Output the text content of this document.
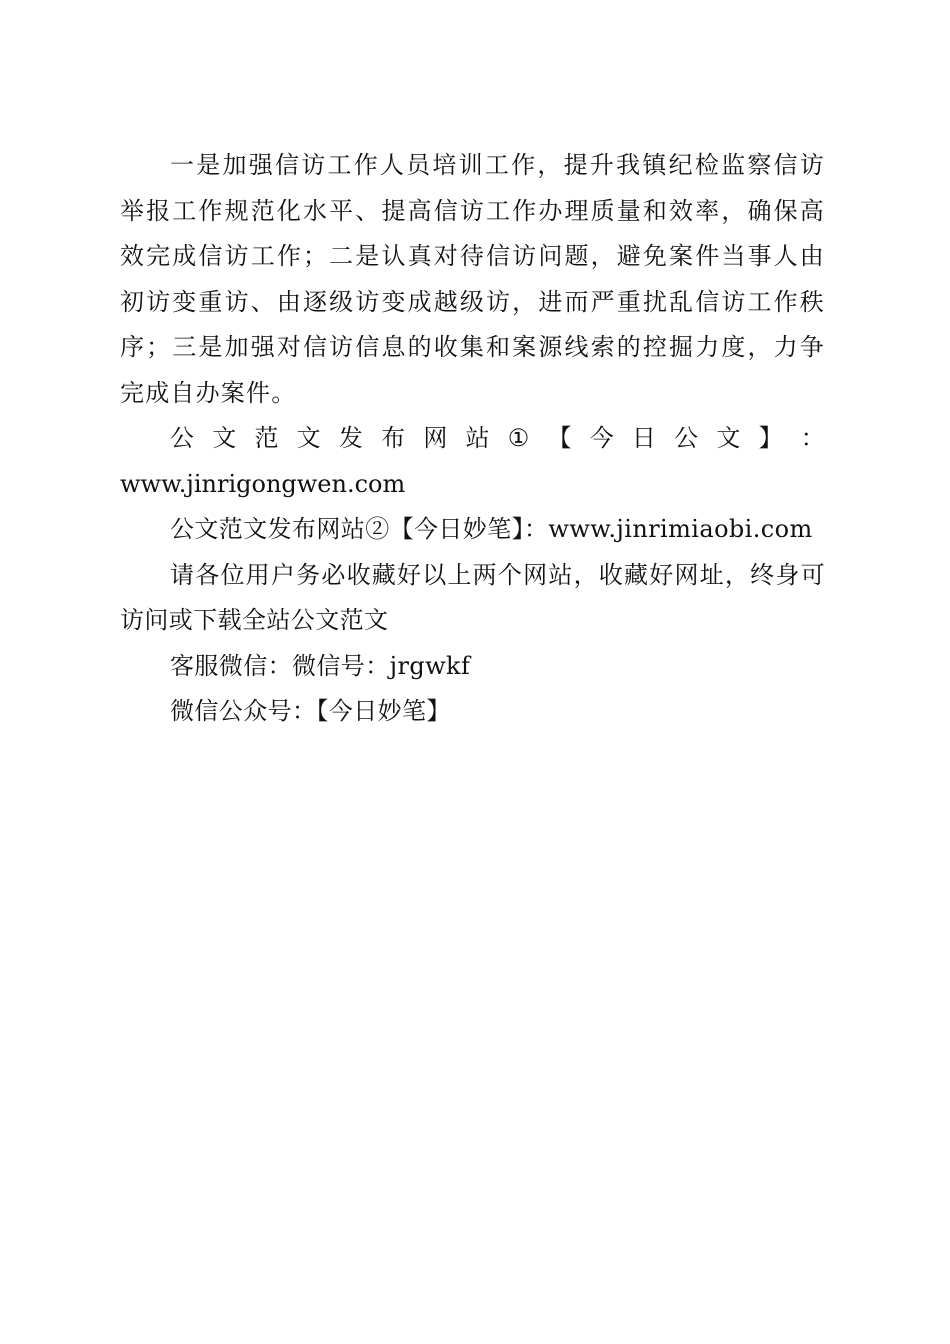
一是加强信访工作人员培训工作，提升我镇纪检监察信访举报工作规范化水平、提高信访工作办理质量和效率，确保高效完成信访工作；二是认真对待信访问题，避免案件当事人由初访变重访、由逐级访变成越级访，进而严重扰乱信访工作秩序；三是加强对信访信息的收集和案源线索的控掘力度，力争完成自办案件。

公 文 范 文 发 布 网 站 ① 【 今 日 公 文 】 ：

www.jinrigongwen.com

公文范文发布网站②【今日妙笔】：www.jinrimiaobi.com

请各位用户务必收藏好以上两个网站，收藏好网址，终身可访问或下载全站公文范文

客服微信：微信号：jrgwkf

微信公众号：【今日妙笔】
